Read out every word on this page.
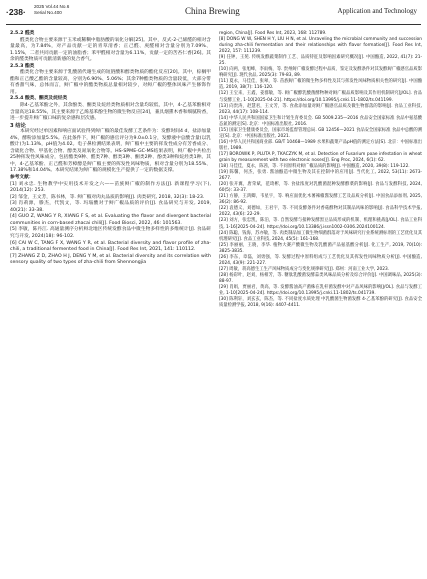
·238·
2025 Vol.44 No.6
Serial No.400	China Brewing	Application and Technology

2.5.2 醛类

醛类化合物主要来源于玉米或稀糊中脂肪酸的氧化分解[25]。其中，反式-2-己烯醛的相对含量最高，为7.84%，对产品贡献一定的青草清香；正己醛、庚醛相对含量分别为7.09%、1.15%，二者共同贡献一定的油脂香；苯甲醛相对含量为6.11%，贡献一定的苦杏仁香[26]。其余的醛类物质可贡献清新感的复合香气。

2.5.3 酯类

酯类化合物主要来源于乳酸菌代谢生成的短链酸和醇类物质的酯化反应[20]。其中，棕榈甲酯和正己酸乙酯的含量较高，分别为6.90%、5.06%；其余7种酯类物质的含量较低，大部分带有香甜气味，总体而言，鲟广椒中的酯类物质总量相对较少，对鲟广椒的整体风味产生修饰作用。

2.5.4 酸类、酮类及烷烃类

除4-乙基苯酚之外，其余酚类、酮类及烷烃类物质相对含量均较低，其中，4-乙基苯酚相对含量高达18.55%，其主要来源于乙烯基苯酚生物的微生物反应[24]，兼具烟熏木香和细腻粉香，进一步提升鲟广椒口味的复杂感和层次感。

3 结论

本研究经过单因素和响应面试验得到鲟广椒的最佳发酵工艺条件为：发酵时间4 d，盐添加量4%，酵粉添加量5.5%。在此条件下，鲟广椒的感官评分为9.0±0.1分，发酵液中总酸含量(以乳酸计)为1.13%，pH值为4.02。电子鼻检测结果表明，鲟广椒中主要的挥发性成分有芳香成分、含硫化合物、甲基化合物、醇类及氮氧化合物等。HS-SPME-GC-MS结果表明，鲟广椒中共检出25种挥发性风味成分，包括酯类9种、醛类7种、醇类3种、酮类2种、酚类3种和烷烃类1种。其中，4-乙基苯酚、正己醛和芳樟醇是鲟广椒主要的挥发性风味物质，相对含量分别为18.55%、17.38%和14.04%。本研究结果为鲟广椒的规模化生产提供了一定的数据支撑。

参考文献：

[1] 刘永忠. 生物教学中实用技术开发之六——苗族鲟广椒的制作方法[J]. 新课程学习(下), 2014(12): 253.

[2] 邹金，王文芳，陈书林，等. 鲟广椒对肉丸品质的影响[J]. 肉类研究, 2018, 32(3): 18-23.

[3] 肖莉源，滕杰，代凯文，等. 玛瑙酸对于鲟广椒品质的评价[J]. 食品研究与开发, 2019, 40(21): 33-38.

[4] GUO Z, WANG Y R, XIANG F S, et al. Evaluating the flavor and divergent bacterial communities in corn-based zhacai chili[J]. Food Biosci, 2022, 46: 101563.

[5] 李敏，陈丹江. 高通量测序分析鲟北地区传统发酵食品中微生物多样性的多维统计[J]. 食品研究与开发, 2024(18): 96-102.

[6] CAI W C, TANG F X, WANG Y R, et al. Bacterial diversity and flavor profile of zha-chili, a traditional fermented food in China[J]. Food Res Int, 2021, 141: 110112.

[7] ZHANG Z D, ZHAO H J, DENG Y M, et al. Bacterial diversity and its correlation with sensory quality of two types of zha-chili from Shennongjia

region, China[J]. Food Res Int, 2023, 168: 112789.

[8] DONG W W, SHEN H Y, LIU H N, et al. Unraveling the microbial community and succession during zha-chili fermentation and their relationships with flavor formation[J]. Food Res Int, 2022, 157: 111239.

[9] 任钟，王苑. 传统发酵蔬菜制作工艺、品质特征及影响因素研究概况[J]. 中国酿造, 2022, 41(7): 21-25.

[10] 向两，张旭峰，李雨梅，等. 贵州鲟广椒发酵过程中品质、鉴定及发酵条件对其发酵鲟广椒感官品质影响研究[J]. 现代食品, 2025(3): 79-83, 89.

[11] 夏永，马佳佳，张翠，等. 苗族鲟广椒的微生物多样性及其与挥发性风味物质相关性的研究[J]. 中国酿造, 2019, 38(7): 116-120.

[12] 王宝来，王鑫，姜群敏，等. 鲟广椒酵乳酸菌酵物种对鲟广椒品质影响及其作用机制研究[J/OL]. 食品与发酵工业, 1-10[2025-04-21]. https://doi.org/10.13995/j.cnki.11-1802/ts.041199.

[13] 向贵涛，赵慧君，王文芳，等. 食盐添加量对鲟广椒感官品质及微生物群落的影响[J]. 食品工业科技, 2023, 44(17): 108-114.

[14] 中华人民共和国国家卫生和计划生育委员会. GB 5009.235—2016 食品安全国家标准 食品中氨基酸态氮的测定[S]. 北京：中国标准出版社, 2016.

[15] 国家卫生健康委员会，国家市场监督管理总局. GB 12456—2021 食品安全国家标准 食品中总酸的测定[S]. 北京：中国标准出版社, 2021.

[16] 中华人民共和国商业部. GB/T 10468—1989 水果和蔬菜产品pH值的测定方法[S]. 北京：中国标准出版社, 1989.

[17] BOROWIK P, PLUTA P, TKACZYK M, et al. Detection of Fusarium poae infestation in wheat grain by measurement with two electronic noses[J]. Eng Proc, 2024, 6(1): 62.

[18] 马佳佳，夏永，陈茜，等. 不同原料对鲟广椒品质的影响[J]. 中国酿造, 2020, 39(8): 119-122.

[19] 陈馨，何杰，张勇. 酱油酿造中微生物及其在控制中的应用[J]. 当代化工, 2022, 53(11): 2673-2677.

[20] 张开翼，唐荣斌，范琦彬，等. 食盐浓度对乳酸菌混种发酵酵菜的影响[J]. 食品与发酵科技, 2024, 60(5): 33-37.

[21] 方静，王鸿卿，韦星宇，等. 响应面优化木薯辣椒酱发酵工艺及品质分析[J]. 中国食品添加剂, 2025, 36(2): 86-92.

[22] 袁德义，刘德如，王君宇，等. 不同发酵条件对香菇酵物对其制品风味的影响[J]. 食品科学技术学报, 2022, 43(6): 22-29.

[23] 刘方，张忠凯，陈泊，等. 自然发酵与接种发酵黑豆品质形成的机制、机理和挑战[J/OL]. 食品工业科技, 1-16[2025-04-24]. https://doi.org/10.13386/j.issn1002-0306.2024100124.

[24] 陈聪，钱海，苏亦敏，等. 肉类制品加工微生物细菌群落对于风味研究行业系统测标剂的工艺优化及其机理研究[J]. 食品工业科技, 2024, 45(5): 161-168.

[25] 李丽丽，王晓，李华. 植物大赛产酸微生物及乳酸菌产品氨基酸分析[J]. 化工生产, 2019, 70(10): 3825-3835.

[26] 李东，章磊，刘勇强，等. 发酵过程中原料组成与工艺优化及其挥发性风味物质分析[J]. 中国酿造, 2024, 43(9): 221-227.

[27] 周敏，蒋高德生工生产风味物质成分与变化规律研究[J]. 郑州：河南工业大学, 2023.

[28] 杨彩叶，赵刘，杨相芳，等. 糖肽乳酸菌发酵蒜类风味品质分析及综合评价[J]. 中国调味品, 2025(3): 88-97.

[29] 肖娟，贾丽君，黄高，等. 发酵酱油高产菌株在乳杆菌发酵中对产品风味的影响[J/OL]. 食品与发酵工业, 1-10[2025-04-24]. https://doi.org/10.13995/j.cnki.11-1802/ts.041739.

[30] 陈利轩，刘玄玄，陈杰，等. 不同盐度水质处理 中乳酸菌生物菌发酵 4-乙基苯酚的研究[J]. 食品安全质量检测学报, 2018, 9(16): 4407-4411.
